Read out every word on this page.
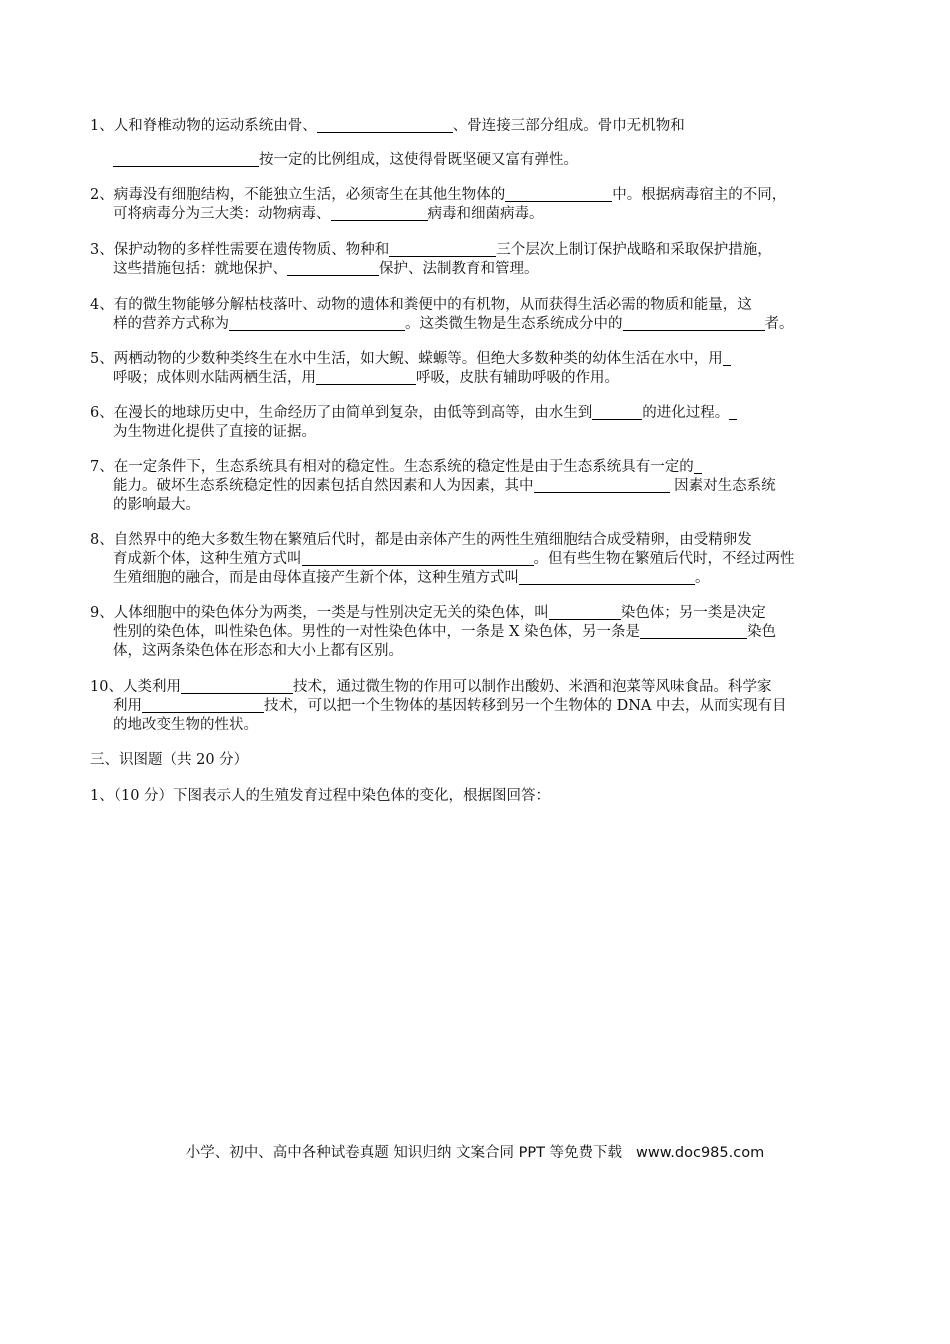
1、人和脊椎动物的运动系统由骨、	、骨连接三部分组成。骨巾无机物和
按一定的比例组成，这使得骨既坚硬又富有弹性。
2、病毒没有细胞结构，不能独立生活，必须寄生在其他生物体的	中。根据病毒宿主的不同，
可将病毒分为三大类：动物病毒、	病毒和细菌病毒。
3、保护动物的多样性需要在遗传物质、物种和	三个层次上制订保护战略和采取保护措施，
这些措施包括：就地保护、	保护、法制教育和管理。
4、有的微生物能够分解枯枝落叶、动物的遗体和粪便中的有机物，从而获得生活必需的物质和能量，这
样的营养方式称为	。这类微生物是生态系统成分中的	者。
5、两栖动物的少数种类终生在水中生活，如大鲵、蝾螈等。但绝大多数种类的幼体生活在水中，用
呼吸；成体则水陆两栖生活，用	呼吸，皮肤有辅助呼吸的作用。
6、在漫长的地球历史中，生命经历了由简单到复杂，由低等到高等，由水生到	的进化过程。
为生物进化提供了直接的证据。
7、在一定条件下，生态系统具有相对的稳定性。生态系统的稳定性是由于生态系统具有一定的
能力。破坏生态系统稳定性的因素包括自然因素和人为因素，其中	因素对生态系统
的影响最大。
8、自然界中的绝大多数生物在繁殖后代时，都是由亲体产生的两性生殖细胞结合成受精卵，由受精卵发
育成新个体，这种生殖方式叫	。但有些生物在繁殖后代时，不经过两性
生殖细胞的融合，而是由母体直接产生新个体，这种生殖方式叫	。
9、人体细胞中的染色体分为两类，一类是与性别决定无关的染色体，叫	染色体；另一类是决定
性别的染色体，叫性染色体。男性的一对性染色体中，一条是 X 染色体，另一条是	染色
体，这两条染色体在形态和大小上都有区别。
10、人类利用	技术，通过微生物的作用可以制作出酸奶、米酒和泡菜等风味食品。科学家
利用	技术，可以把一个生物体的基因转移到另一个生物体的 DNA 中去，从而实现有目
的地改变生物的性状。
三、识图题（共 20 分）
1、（10 分）下图表示人的生殖发育过程中染色体的变化，根据图回答：
小学、初中、高中各种试卷真题 知识归纳 文案合同 PPT 等免费下载 www.doc985.com
